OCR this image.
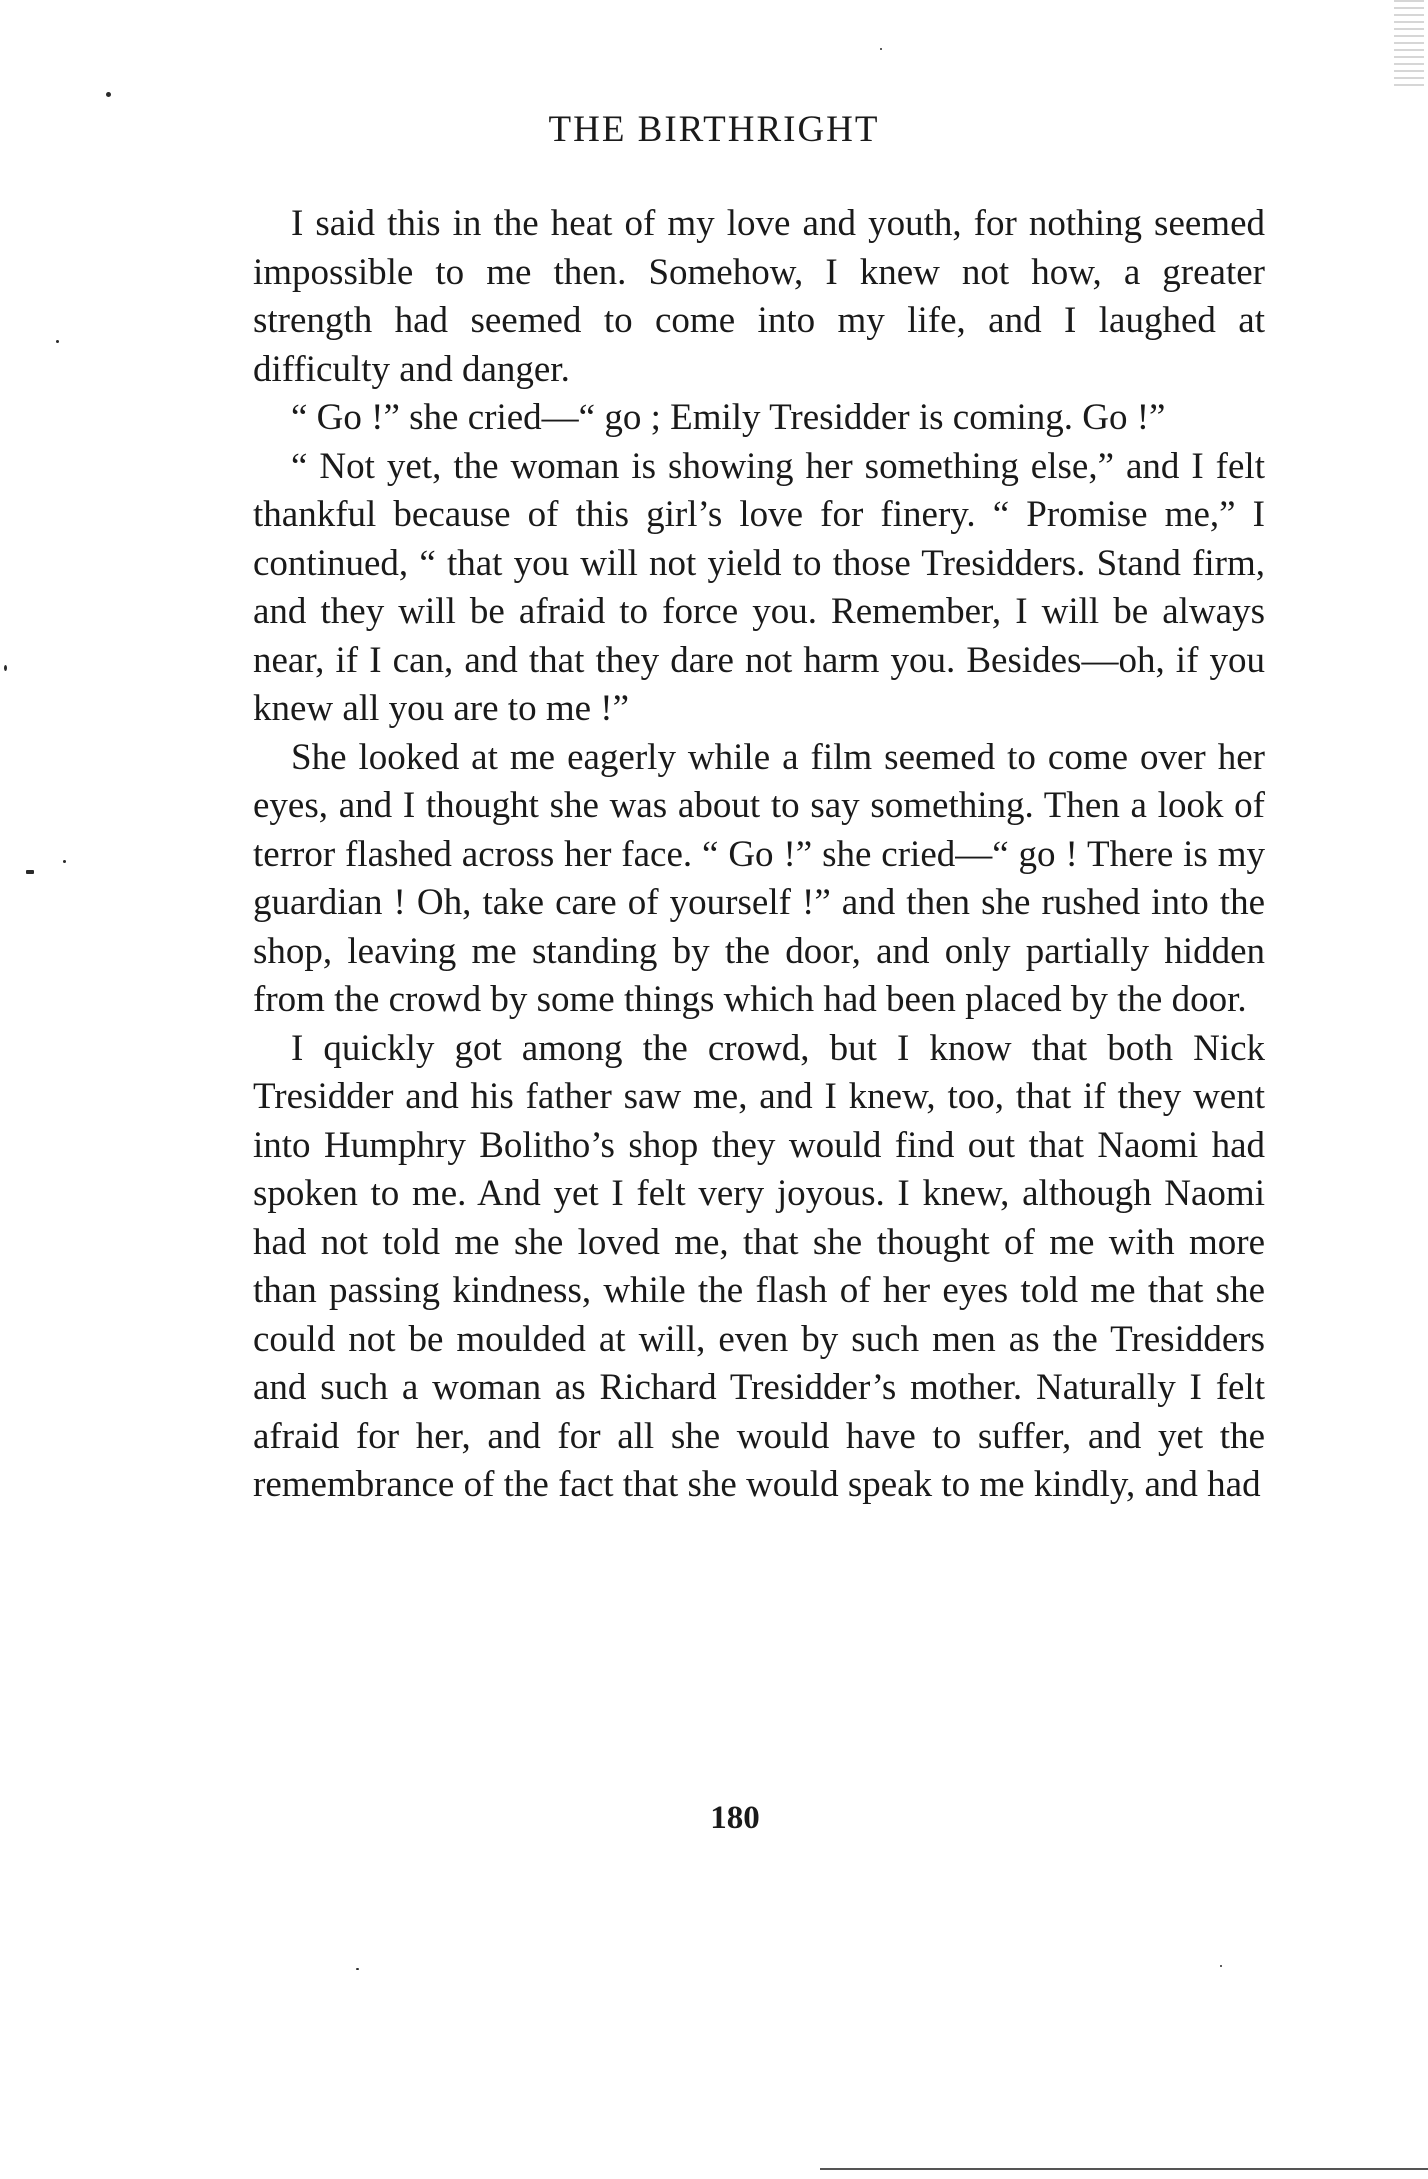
THE BIRTHRIGHT

I said this in the heat of my love and youth, for nothing seemed impossible to me then. Somehow, I knew not how, a greater strength had seemed to come into my life, and I laughed at difficulty and danger.

“ Go !” she cried—“ go ; Emily Tresidder is coming. Go !”

“ Not yet, the woman is showing her something else,” and I felt thankful because of this girl’s love for finery. “ Promise me,” I continued, “ that you will not yield to those Tresidders. Stand firm, and they will be afraid to force you. Remember, I will be always near, if I can, and that they dare not harm you. Besides—oh, if you knew all you are to me !”

She looked at me eagerly while a film seemed to come over her eyes, and I thought she was about to say something. Then a look of terror flashed across her face. “ Go !” she cried—“ go ! There is my guardian ! Oh, take care of yourself !” and then she rushed into the shop, leaving me standing by the door, and only partially hidden from the crowd by some things which had been placed by the door.

I quickly got among the crowd, but I know that both Nick Tresidder and his father saw me, and I knew, too, that if they went into Humphry Bolitho’s shop they would find out that Naomi had spoken to me. And yet I felt very joyous. I knew, although Naomi had not told me she loved me, that she thought of me with more than passing kindness, while the flash of her eyes told me that she could not be moulded at will, even by such men as the Tresidders and such a woman as Richard Tresidder’s mother. Naturally I felt afraid for her, and for all she would have to suffer, and yet the remembrance of the fact that she would speak to me kindly, and had

180
